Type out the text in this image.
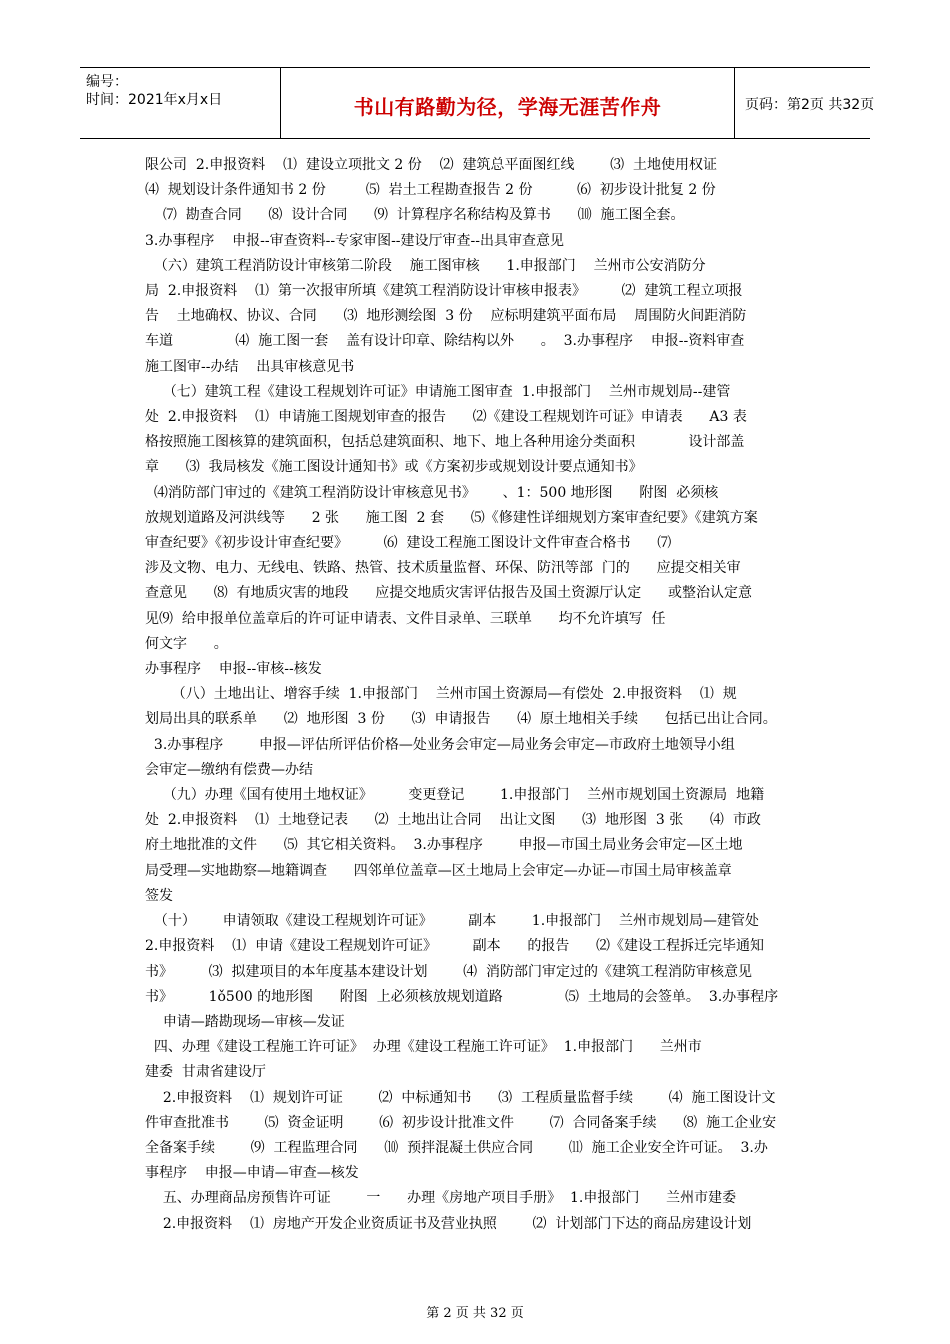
编号：
时间：2021年x月x日	书山有路勤为径，学海无涯苦作舟	页码：第2页 共32页
限公司  2.申报资料    ⑴  建设立项批文 2 份    ⑵  建筑总平面图红线        ⑶  土地使用权证
⑷  规划设计条件通知书 2 份         ⑸  岩土工程勘查报告 2 份          ⑹  初步设计批复 2 份
⑺  勘查合同      ⑻  设计合同      ⑼  计算程序名称结构及算书      ⑽  施工图全套。
3.办事程序    申报--审查资料--专家审图--建设厅审查--出具审查意见
（六）建筑工程消防设计审核第二阶段    施工图审核      1.申报部门    兰州市公安消防分
局  2.申报资料    ⑴  第一次报审所填《建筑工程消防设计审核申报表》        ⑵  建筑工程立项报
告    土地确权、协议、合同      ⑶  地形测绘图  3 份    应标明建筑平面布局    周围防火间距消防
车道              ⑷  施工图一套    盖有设计印章、除结构以外      。  3.办事程序    申报--资料审查
施工图审--办结    出具审核意见书
（七）建筑工程《建设工程规划许可证》申请施工图审查  1.申报部门    兰州市规划局--建管
处  2.申报资料    ⑴  申请施工图规划审查的报告      ⑵《建设工程规划许可证》申请表      A3 表
格按照施工图核算的建筑面积，包括总建筑面积、地下、地上各种用途分类面积            设计部盖
章      ⑶  我局核发《施工图设计通知书》或《方案初步或规划设计要点通知书》
⑷消防部门审过的《建筑工程消防设计审核意见书》      、1：500 地形图      附图  必须核
放规划道路及河洪线等      2 张      施工图  2 套      ⑸《修建性详细规划方案审查纪要》《建筑方案
审查纪要》《初步设计审查纪要》        ⑹  建设工程施工图设计文件审查合格书      ⑺
涉及文物、电力、无线电、铁路、热管、技术质量监督、环保、防汛等部  门的      应提交相关审
查意见      ⑻  有地质灾害的地段      应提交地质灾害评估报告及国土资源厅认定      或整治认定意
见⑼  给申报单位盖章后的许可证申请表、文件目录单、三联单      均不允许填写  任
何文字      。
办事程序    申报--审核--核发
（八）土地出让、增容手续  1.申报部门    兰州市国土资源局—有偿处  2.申报资料    ⑴  规
划局出具的联系单      ⑵  地形图  3 份      ⑶  申请报告      ⑷  原土地相关手续      包括已出让合同。
3.办事程序        申报—评估所评估价格—处业务会审定—局业务会审定—市政府土地领导小组
会审定—缴纳有偿费—办结
（九）办理《国有使用土地权证》        变更登记        1.申报部门    兰州市规划国土资源局  地籍
处  2.申报资料    ⑴  土地登记表      ⑵  土地出让合同    出让文图      ⑶  地形图  3 张      ⑷  市政
府土地批准的文件      ⑸  其它相关资料。  3.办事程序        申报—市国土局业务会审定—区土地
局受理—实地勘察—地籍调查      四邻单位盖章—区土地局上会审定—办证—市国土局审核盖章
签发
（十）      申请领取《建设工程规划许可证》        副本        1.申报部门    兰州市规划局—建管处
2.申报资料    ⑴  申请《建设工程规划许可证》        副本      的报告      ⑵《建设工程拆迁完毕通知
书》        ⑶  拟建项目的本年度基本建设计划        ⑷  消防部门审定过的《建筑工程消防审核意见
书》        1ǒ500 的地形图      附图  上必须核放规划道路              ⑸  土地局的会签单。  3.办事程序
申请—踏勘现场—审核—发证
四、办理《建设工程施工许可证》  办理《建设工程施工许可证》  1.申报部门      兰州市
建委  甘肃省建设厅
2.申报资料    ⑴  规划许可证        ⑵  中标通知书      ⑶  工程质量监督手续        ⑷  施工图设计文
件审查批准书        ⑸  资金证明        ⑹  初步设计批准文件        ⑺  合同备案手续      ⑻  施工企业安
全备案手续        ⑼  工程监理合同      ⑽  预拌混凝土供应合同        ⑾  施工企业安全许可证。  3.办
事程序    申报—申请—审查—核发
五、办理商品房预售许可证        一      办理《房地产项目手册》  1.申报部门      兰州市建委
2.申报资料    ⑴  房地产开发企业资质证书及营业执照        ⑵  计划部门下达的商品房建设计划
第 2 页 共 32 页
